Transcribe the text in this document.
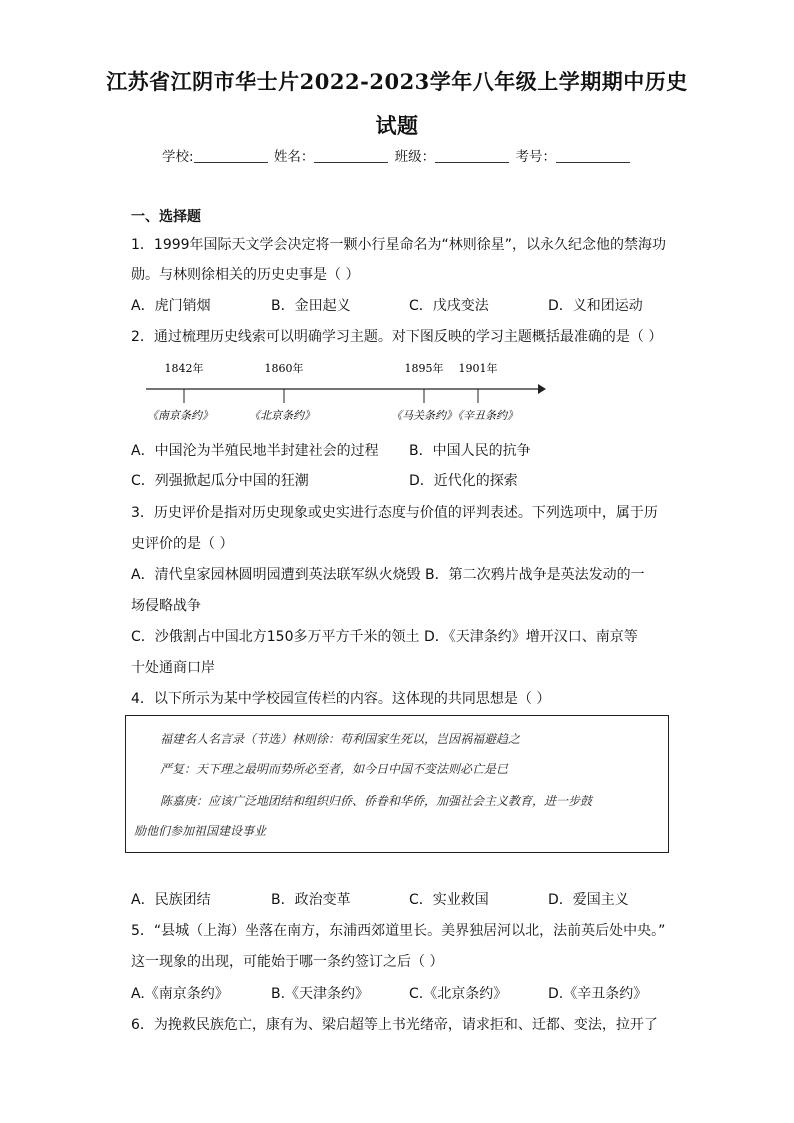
江苏省江阴市华士片2022-2023学年八年级上学期期中历史
试题
学校:	姓名：	班级：	考号：
一、选择题
1．1999年国际天文学会决定将一颗小行星命名为“林则徐星”，以永久纪念他的禁海功
勋。与林则徐相关的历史史事是（ ）
A．虎门销烟	B．金田起义	C．戊戌变法	D．义和团运动
2．通过梳理历史线索可以明确学习主题。对下图反映的学习主题概括最准确的是（ ）
1842年	1860年	1895年 1901年
《南京条约》	《北京条约》	《马关条约》
《辛丑条约》
A．中国沦为半殖民地半封建社会的过程 B．中国人民的抗争
C．列强掀起瓜分中国的狂潮	D．近代化的探索
3．历史评价是指对历史现象或史实进行态度与价值的评判表述。下列选项中，属于历
史评价的是（ ）
A．清代皇家园林圆明园遭到英法联军纵火烧毁 B．第二次鸦片战争是英法发动的一
场侵略战争
C．沙俄割占中国北方150多万平方千米的领土 D．《天津条约》增开汉口、南京等
十处通商口岸
4．以下所示为某中学校园宣传栏的内容。这体现的共同思想是（ ）
福建名人名言录（节选）林则徐：苟利国家生死以，岂因祸福避趋之
严复：天下理之最明而势所必至者，如今日中国不变法则必亡是已
陈嘉庚：应该广泛地团结和组织归侨、侨眷和华侨，加强社会主义教育，进一步鼓
励他们参加祖国建设事业
A．民族团结	B．政治变革	C．实业救国	D．爱国主义
5．“县城（上海）坐落在南方，东浦西郊道里长。美界独居河以北，法前英后处中央。”
这一现象的出现，可能始于哪一条约签订之后（ ）
A.《南京条约》	B.《天津条约》	C.《北京条约》	D.《辛丑条约》
6．为挽救民族危亡，康有为、梁启超等上书光绪帝，请求拒和、迁都、变法，拉开了
